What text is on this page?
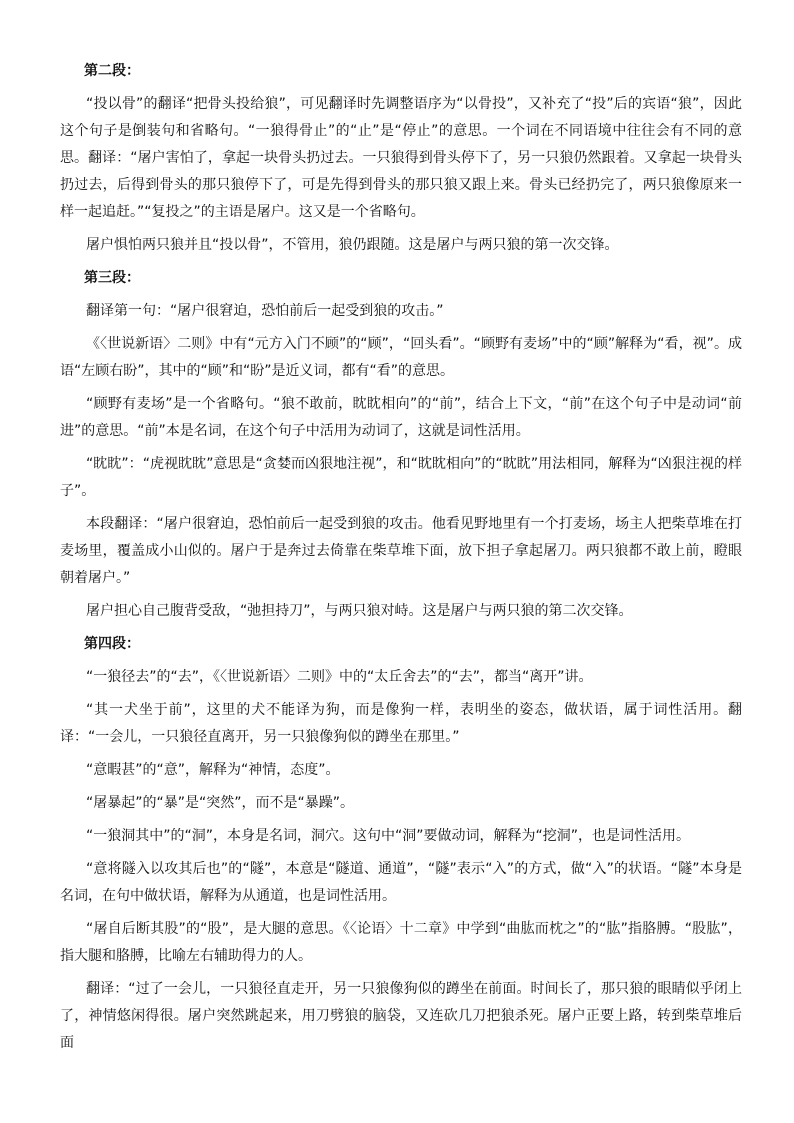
第二段：

“投以骨”的翻译“把骨头投给狼”，可见翻译时先调整语序为“以骨投”，又补充了“投”后的宾语“狼”，因此这个句子是倒装句和省略句。“一狼得骨止”的“止”是“停止”的意思。一个词在不同语境中往往会有不同的意思。翻译：“屠户害怕了，拿起一块骨头扔过去。一只狼得到骨头停下了，另一只狼仍然跟着。又拿起一块骨头扔过去，后得到骨头的那只狼停下了，可是先得到骨头的那只狼又跟上来。骨头已经扔完了，两只狼像原来一样一起追赶。”“复投之”的主语是屠户。这又是一个省略句。

屠户惧怕两只狼并且“投以骨”，不管用，狼仍跟随。这是屠户与两只狼的第一次交锋。

第三段：

翻译第一句：“屠户很窘迫，恐怕前后一起受到狼的攻击。”

《〈世说新语〉二则》中有“元方入门不顾”的“顾”，“回头看”。“顾野有麦场”中的“顾”解释为“看，视”。成语“左顾右盼”，其中的“顾”和“盼”是近义词，都有“看”的意思。

“顾野有麦场”是一个省略句。“狼不敢前，眈眈相向”的“前”，结合上下文，“前”在这个句子中是动词“前进”的意思。“前”本是名词，在这个句子中活用为动词了，这就是词性活用。

“眈眈”：“虎视眈眈”意思是“贪婪而凶狠地注视”，和“眈眈相向”的“眈眈”用法相同，解释为“凶狠注视的样子”。

本段翻译：“屠户很窘迫，恐怕前后一起受到狼的攻击。他看见野地里有一个打麦场，场主人把柴草堆在打麦场里，覆盖成小山似的。屠户于是奔过去倚靠在柴草堆下面，放下担子拿起屠刀。两只狼都不敢上前，瞪眼朝着屠户。”

屠户担心自己腹背受敌，“弛担持刀”，与两只狼对峙。这是屠户与两只狼的第二次交锋。

第四段：

“一狼径去”的“去”，《〈世说新语〉二则》中的“太丘舍去”的“去”，都当“离开”讲。

“其一犬坐于前”，这里的犬不能译为狗，而是像狗一样，表明坐的姿态，做状语，属于词性活用。翻译：“一会儿，一只狼径直离开，另一只狼像狗似的蹲坐在那里。”

“意暇甚”的“意”，解释为“神情，态度”。

“屠暴起”的“暴”是“突然”，而不是“暴躁”。

“一狼洞其中”的“洞”，本身是名词，洞穴。这句中“洞”要做动词，解释为“挖洞”，也是词性活用。

“意将隧入以攻其后也”的“隧”，本意是“隧道、通道”，“隧”表示“入”的方式，做“入”的状语。“隧”本身是名词，在句中做状语，解释为从通道，也是词性活用。

“屠自后断其股”的“股”，是大腿的意思。《〈论语〉十二章》中学到“曲肱而枕之”的“肱”指胳膊。“股肱”，指大腿和胳膊，比喻左右辅助得力的人。

翻译：“过了一会儿，一只狼径直走开，另一只狼像狗似的蹲坐在前面。时间长了，那只狼的眼睛似乎闭上了，神情悠闲得很。屠户突然跳起来，用刀劈狼的脑袋，又连砍几刀把狼杀死。屠户正要上路，转到柴草堆后面
